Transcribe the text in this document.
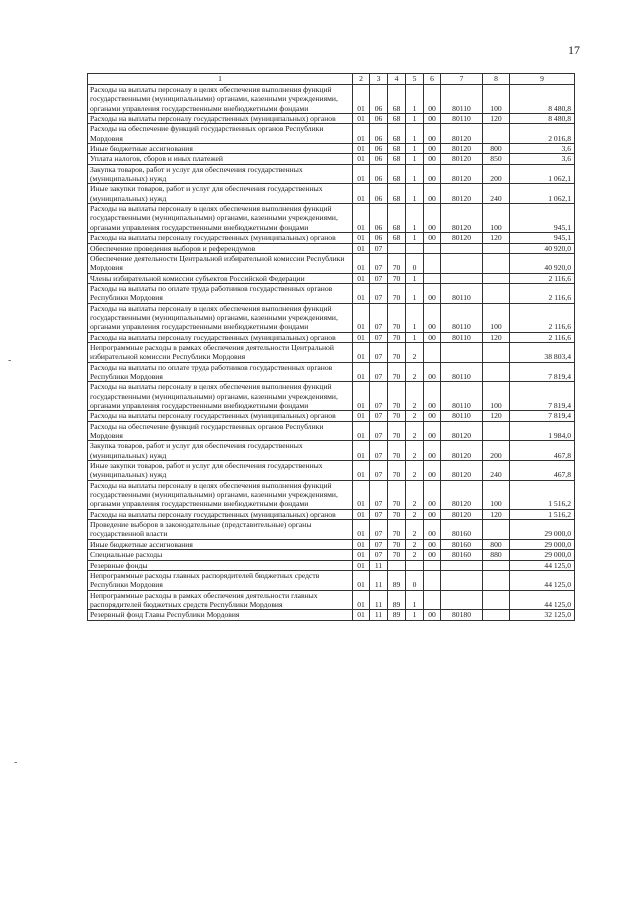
17
1	2	3	4	5	6	7	8	9
Расходы на выплаты персоналу в целях обеспечения выполнения функций государственными (муниципальными) органами, казенными учреждениями, органами управления государственными внебюджетными фондами	01	06	68	1	00	80110	100	8 480,8
Расходы на выплаты персоналу государственных (муниципальных) органов	01	06	68	1	00	80110	120	8 480,8
Расходы на обеспечение функций государственных органов Республики Мордовия	01	06	68	1	00	80120		2 016,8
Иные бюджетные ассигнования	01	06	68	1	00	80120	800	3,6
Уплата налогов, сборов и иных платежей	01	06	68	1	00	80120	850	3,6
Закупка товаров, работ и услуг для обеспечения государственных (муниципальных) нужд	01	06	68	1	00	80120	200	1 062,1
Иные закупки товаров, работ и услуг для обеспечения государственных (муниципальных) нужд	01	06	68	1	00	80120	240	1 062,1
Расходы на выплаты персоналу в целях обеспечения выполнения функций государственными (муниципальными) органами, казенными учреждениями, органами управления государственными внебюджетными фондами	01	06	68	1	00	80120	100	945,1
Расходы на выплаты персоналу государственных (муниципальных) органов	01	06	68	1	00	80120	120	945,1
Обеспечение проведения выборов и референдумов	01	07						40 920,0
Обеспечение деятельности Центральной избирательной комиссии Республики Мордовия	01	07	70	0				40 920,0
Члены избирательной комиссии субъектов Российской Федерации	01	07	70	1				2 116,6
Расходы на выплаты по оплате труда работников государственных органов Республики Мордовия	01	07	70	1	00	80110		2 116,6
Расходы на выплаты персоналу в целях обеспечения выполнения функций государственными (муниципальными) органами, казенными учреждениями, органами управления государственными внебюджетными фондами	01	07	70	1	00	80110	100	2 116,6
Расходы на выплаты персоналу государственных (муниципальных) органов	01	07	70	1	00	80110	120	2 116,6
Непрограммные расходы в рамках обеспечения деятельности Центральной избирательной комиссии Республики Мордовия	01	07	70	2				38 803,4
Расходы на выплаты по оплате труда работников государственных органов Республики Мордовия	01	07	70	2	00	80110		7 819,4
Расходы на выплаты персоналу в целях обеспечения выполнения функций государственными (муниципальными) органами, казенными учреждениями, органами управления государственными внебюджетными фондами	01	07	70	2	00	80110	100	7 819,4
Расходы на выплаты персоналу государственных (муниципальных) органов	01	07	70	2	00	80110	120	7 819,4
Расходы на обеспечение функций государственных органов Республики Мордовия	01	07	70	2	00	80120		1 984,0
Закупка товаров, работ и услуг для обеспечения государственных (муниципальных) нужд	01	07	70	2	00	80120	200	467,8
Иные закупки товаров, работ и услуг для обеспечения государственных (муниципальных) нужд	01	07	70	2	00	80120	240	467,8
Расходы на выплаты персоналу в целях обеспечения выполнения функций государственными (муниципальными) органами, казенными учреждениями, органами управления государственными внебюджетными фондами	01	07	70	2	00	80120	100	1 516,2
Расходы на выплаты персоналу государственных (муниципальных) органов	01	07	70	2	00	80120	120	1 516,2
Проведение выборов в законодательные (представительные) органы государственной власти	01	07	70	2	00	80160		29 000,0
Иные бюджетные ассигнования	01	07	70	2	00	80160	800	29 000,0
Специальные расходы	01	07	70	2	00	80160	880	29 000,0
Резервные фонды	01	11						44 125,0
Непрограммные расходы главных распорядителей бюджетных средств Республики Мордовия	01	11	89	0				44 125,0
Непрограммные расходы в рамках обеспечения деятельности главных распорядителей бюджетных средств Республики Мордовия	01	11	89	1				44 125,0
Резервный фонд Главы Республики Мордовия	01	11	89	1	00	80180		32 125,0
-
-
